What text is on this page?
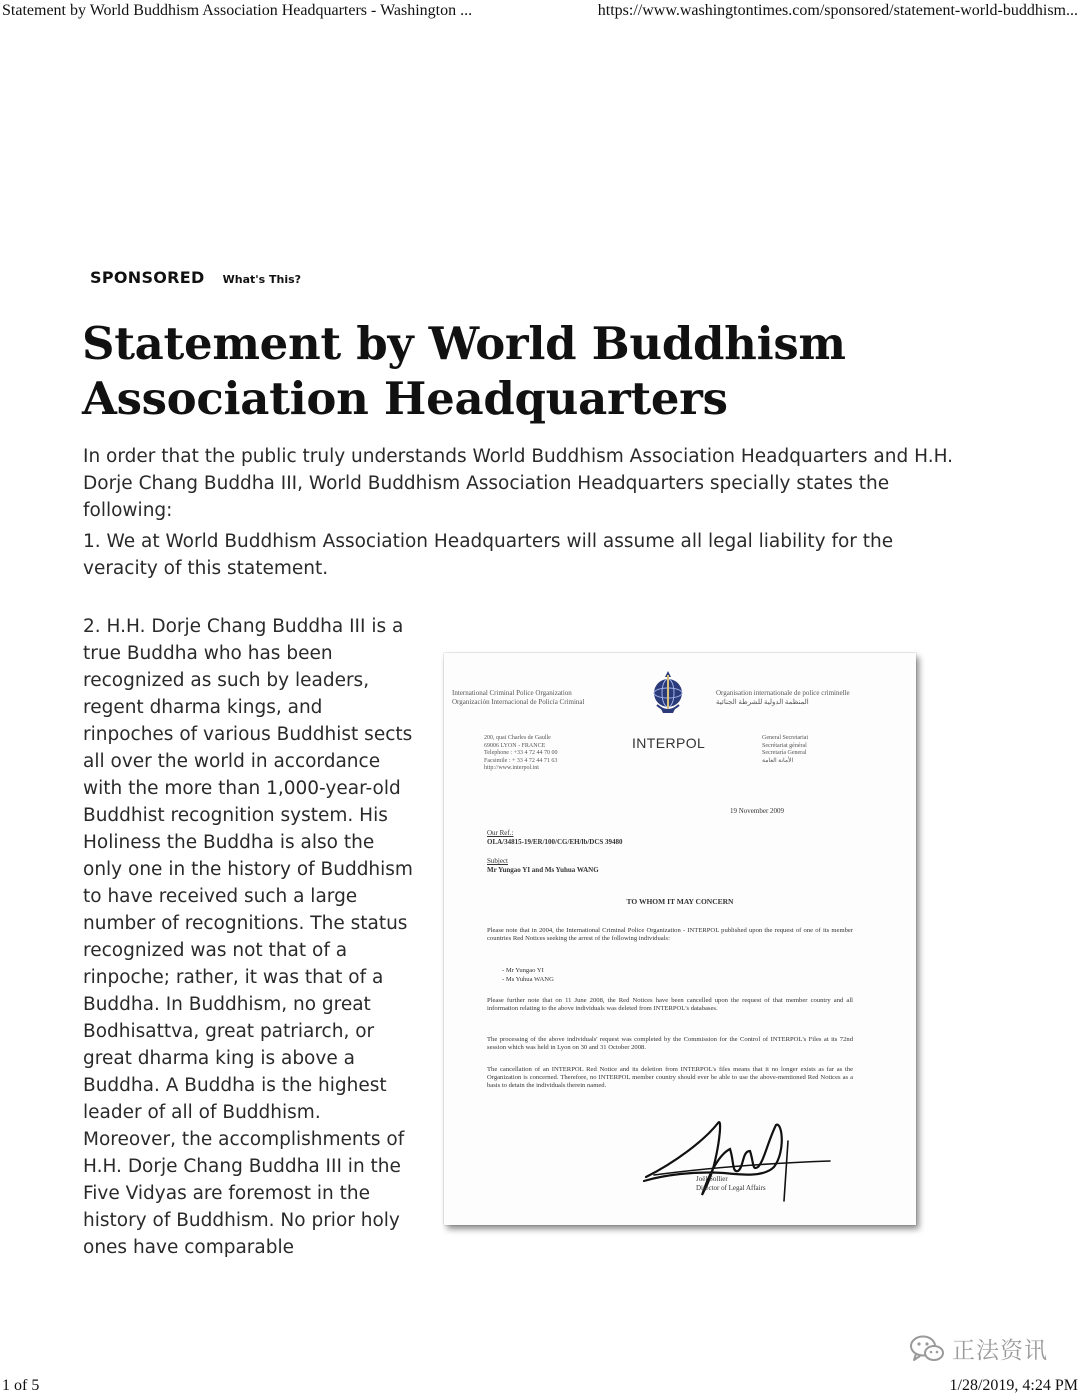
Statement by World Buddhism Association Headquarters - Washington ...	https://www.washingtontimes.com/sponsored/statement-world-buddhism...
SPONSORED What's This?
Statement by World Buddhism Association Headquarters

In order that the public truly understands World Buddhism Association Headquarters and H.H. Dorje Chang Buddha III, World Buddhism Association Headquarters specially states the following:

1. We at World Buddhism Association Headquarters will assume all legal liability for the veracity of this statement.

2. H.H. Dorje Chang Buddha III is a true Buddha who has been recognized as such by leaders, regent dharma kings, and rinpoches of various Buddhist sects all over the world in accordance with the more than 1,000-year-old Buddhist recognition system. His Holiness the Buddha is also the only one in the history of Buddhism to have received such a large number of recognitions. The status recognized was not that of a rinpoche; rather, it was that of a Buddha. In Buddhism, no great Bodhisattva, great patriarch, or great dharma king is above a Buddha. A Buddha is the highest leader of all of Buddhism. Moreover, the accomplishments of H.H. Dorje Chang Buddha III in the Five Vidyas are foremost in the history of Buddhism. No prior holy ones have comparable

International Criminal Police Organization
Organización Internacional de Policía Criminal
Organisation internationale de police criminelle
المنظمة الدولية للشرطة الجنائية
200, quai Charles de Gaulle
69006 LYON - FRANCE
Telephone : +33 4 72 44 70 00
Facsimile : + 33 4 72 44 71 63
http://www.interpol.int
INTERPOL	General Secretariat
Secrétariat général
Secretaría General
الأمانة العامة
19 November 2009
Our Ref.:
OLA/34815-19/ER/100/CG/EH/lb/DCS 39480
Subject
Mr Yungao YI and Ms Yuhua WANG
TO WHOM IT MAY CONCERN

Please note that in 2004, the International Criminal Police Organization - INTERPOL published upon the request of one of its member countries Red Notices seeking the arrest of the following individuals:

- Mr Yungao YI
- Ms Yuhua WANG

Please further note that on 11 June 2008, the Red Notices have been cancelled upon the request of that member country and all information relating to the above individuals was deleted from INTERPOL's databases.

The processing of the above individuals' request was completed by the Commission for the Control of INTERPOL's Files at its 72nd session which was held in Lyon on 30 and 31 October 2008.

The cancellation of an INTERPOL Red Notice and its deletion from INTERPOL's files means that it no longer exists as far as the Organization is concerned. Therefore, no INTERPOL member country should ever be able to use the above-mentioned Red Notices as a basis to detain the individuals therein named.

Joël Sollier
Director of Legal Affairs
正法资讯
1 of 5	1/28/2019, 4:24 PM
